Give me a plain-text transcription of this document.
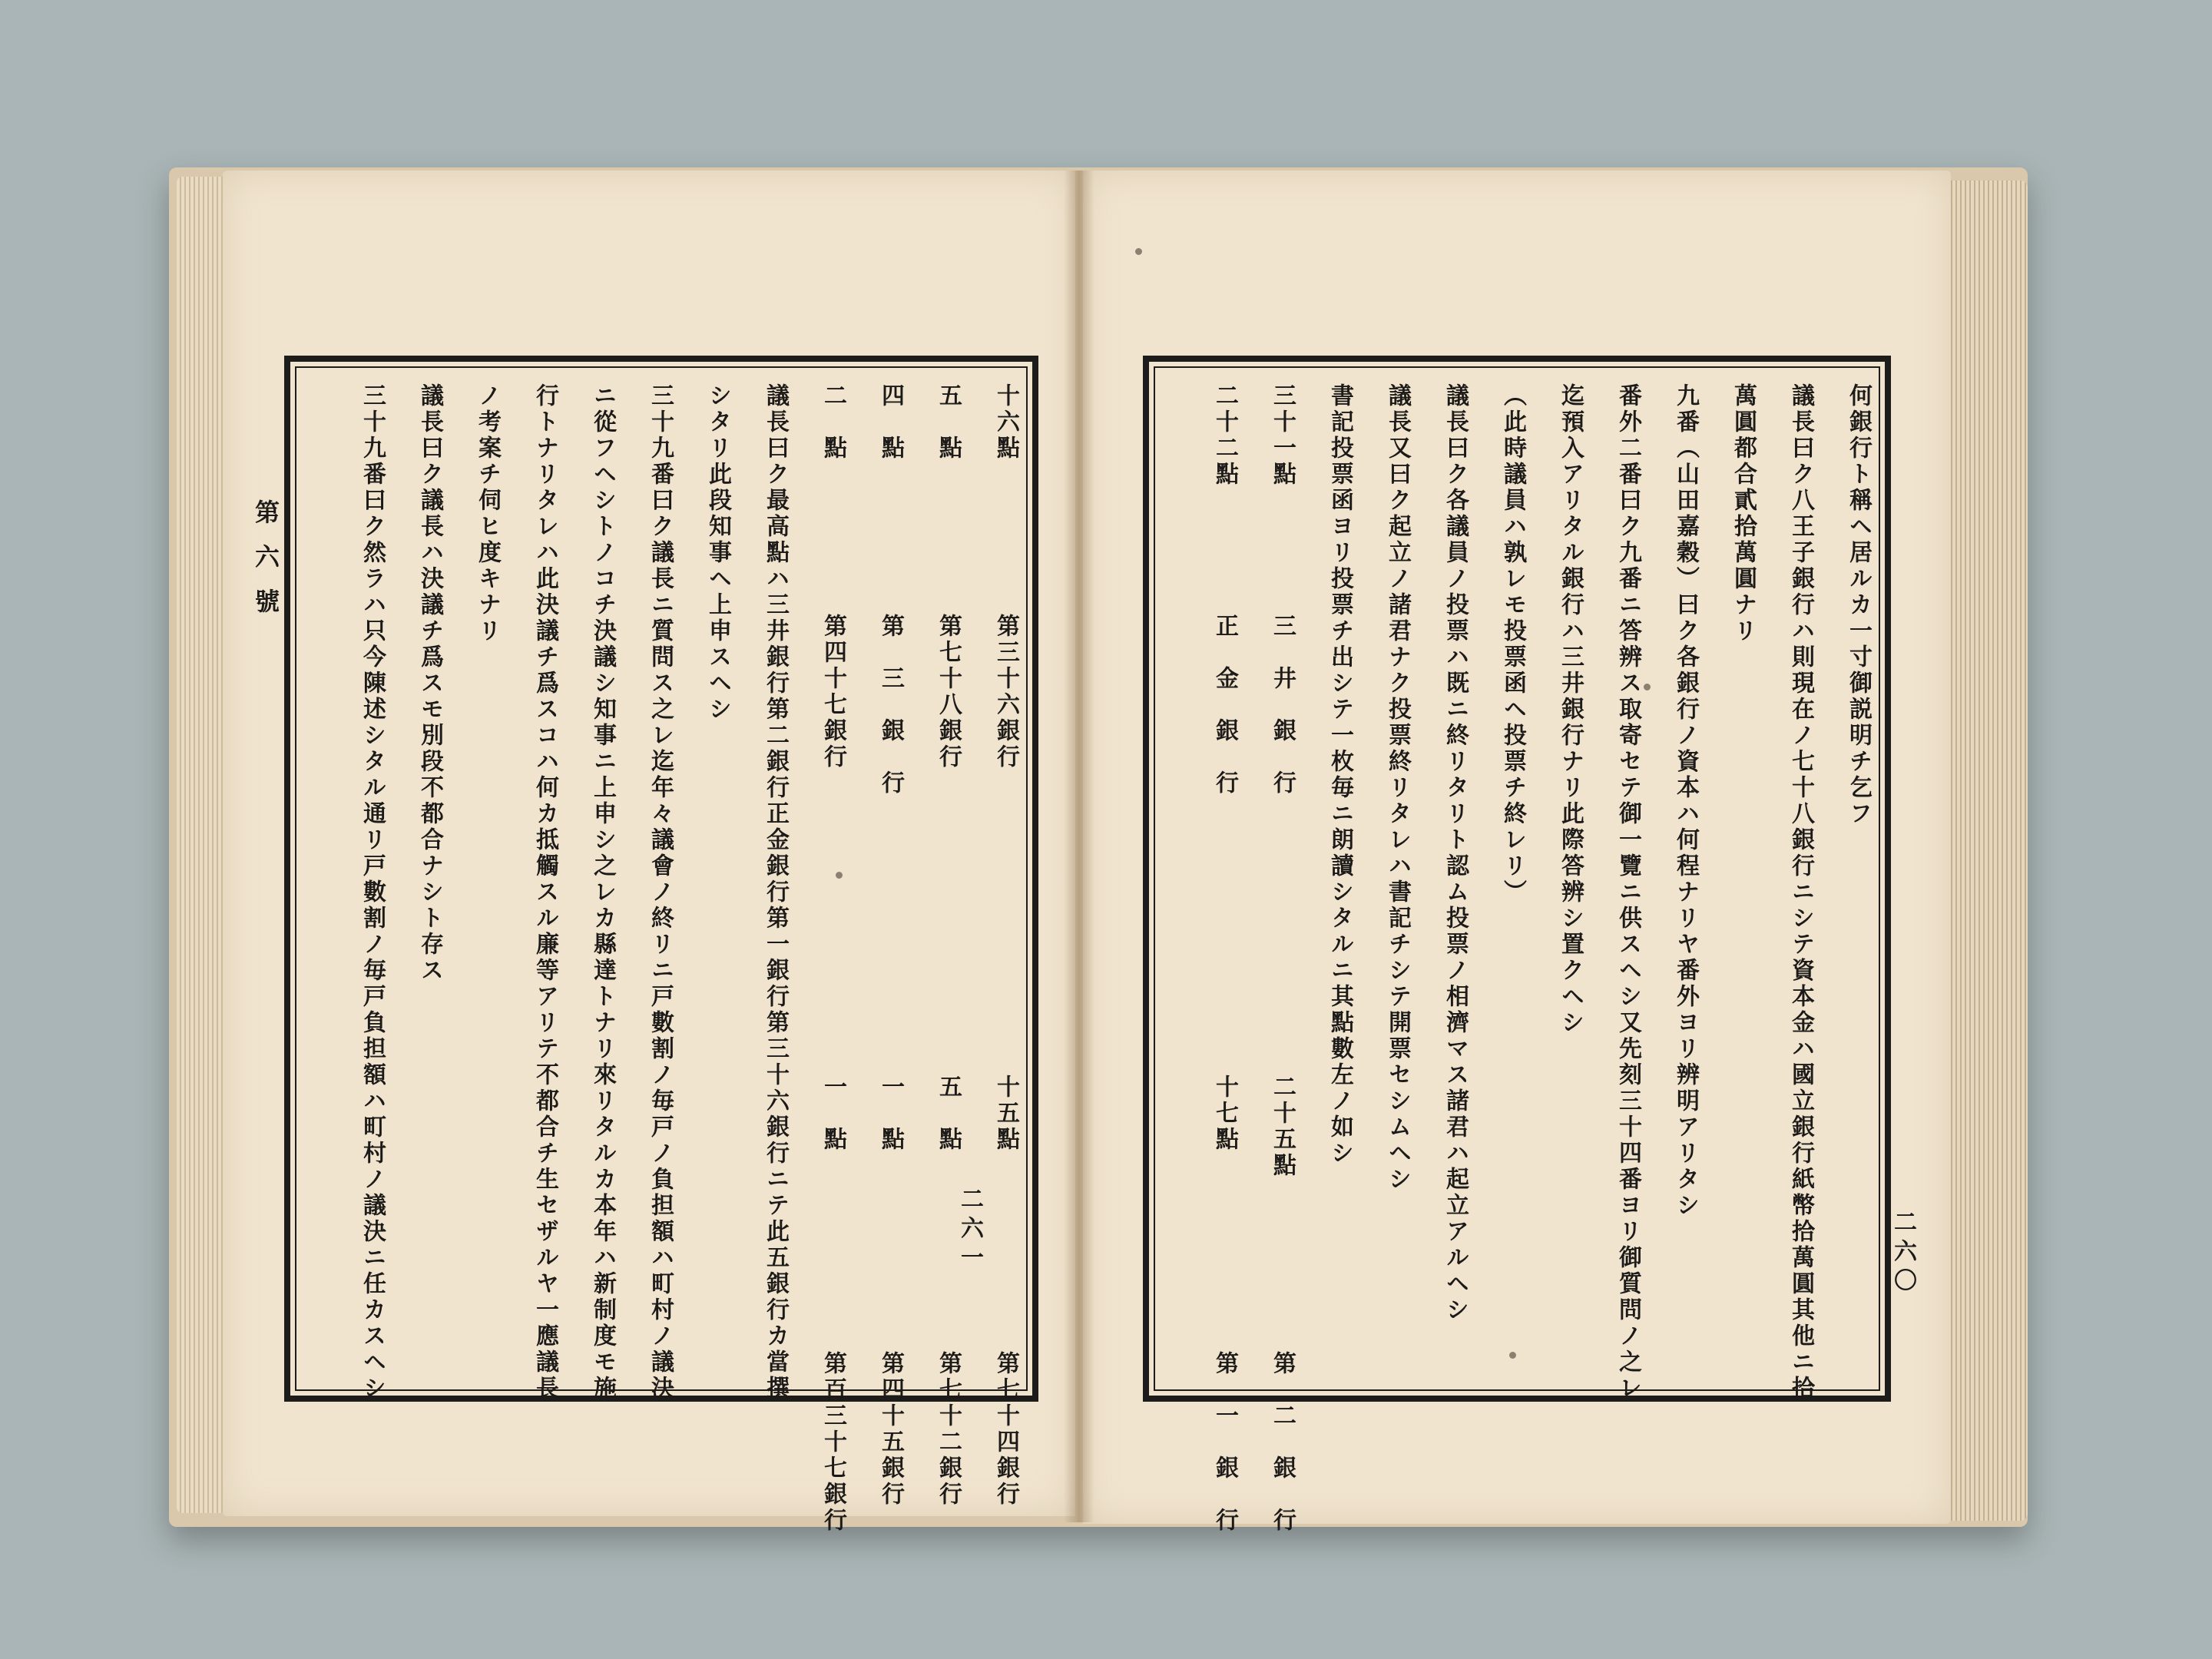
第六號
十六點第三十六銀行十五點第七十四銀行
五　點第七十八銀行五　點第七十二銀行
四　點第　三　銀　行一　點第四十五銀行
二　點第四十七銀行一　點第百三十七銀行
議長曰ク最高點ハ三井銀行第二銀行正金銀行第一銀行第三十六銀行ニテ此五銀行カ當撰
シタリ此段知事ヘ上申スヘシ
三十九番曰ク議長ニ質問ス之レ迄年々議會ノ終リニ戸數割ノ毎戸ノ負担額ハ町村ノ議決
ニ從フヘシトノコチ決議シ知事ニ上申シ之レカ縣達トナリ來リタルカ本年ハ新制度モ施
行トナリタレハ此決議チ爲スコハ何カ抵觸スル廉等アリテ不都合チ生セザルヤ一應議長
ノ考案チ伺ヒ度キナリ
議長曰ク議長ハ決議チ爲スモ別段不都合ナシト存ス
三十九番曰ク然ラハ只今陳述シタル通リ戸數割ノ毎戸負担額ハ町村ノ議決ニ任カスヘシ	何銀行ト稱ヘ居ルカ一寸御説明チ乞フ
議長曰ク八王子銀行ハ則現在ノ七十八銀行ニシテ資本金ハ國立銀行紙幣拾萬圓其他ニ拾
萬圓都合貳拾萬圓ナリ
九番（山田嘉穀）曰ク各銀行ノ資本ハ何程ナリヤ番外ヨリ辨明アリタシ
番外二番曰ク九番ニ答辨ス取寄セテ御一覽ニ供スヘシ又先刻三十四番ヨリ御質問ノ之レ
迄預入アリタル銀行ハ三井銀行ナリ此際答辨シ置クヘシ
（此時議員ハ孰レモ投票函ヘ投票チ終レリ）
議長曰ク各議員ノ投票ハ既ニ終リタリト認ム投票ノ相濟マス諸君ハ起立アルヘシ
議長又曰ク起立ノ諸君ナク投票終リタレハ書記チシテ開票セシムヘシ
書記投票函ヨリ投票チ出シテ一枚毎ニ朗讀シタルニ其點數左ノ如シ
三十一點三　井　銀　行二十五點第　二　銀　行
二十二點正　金　銀　行十七點第　一　銀　行
二六一	二六〇
